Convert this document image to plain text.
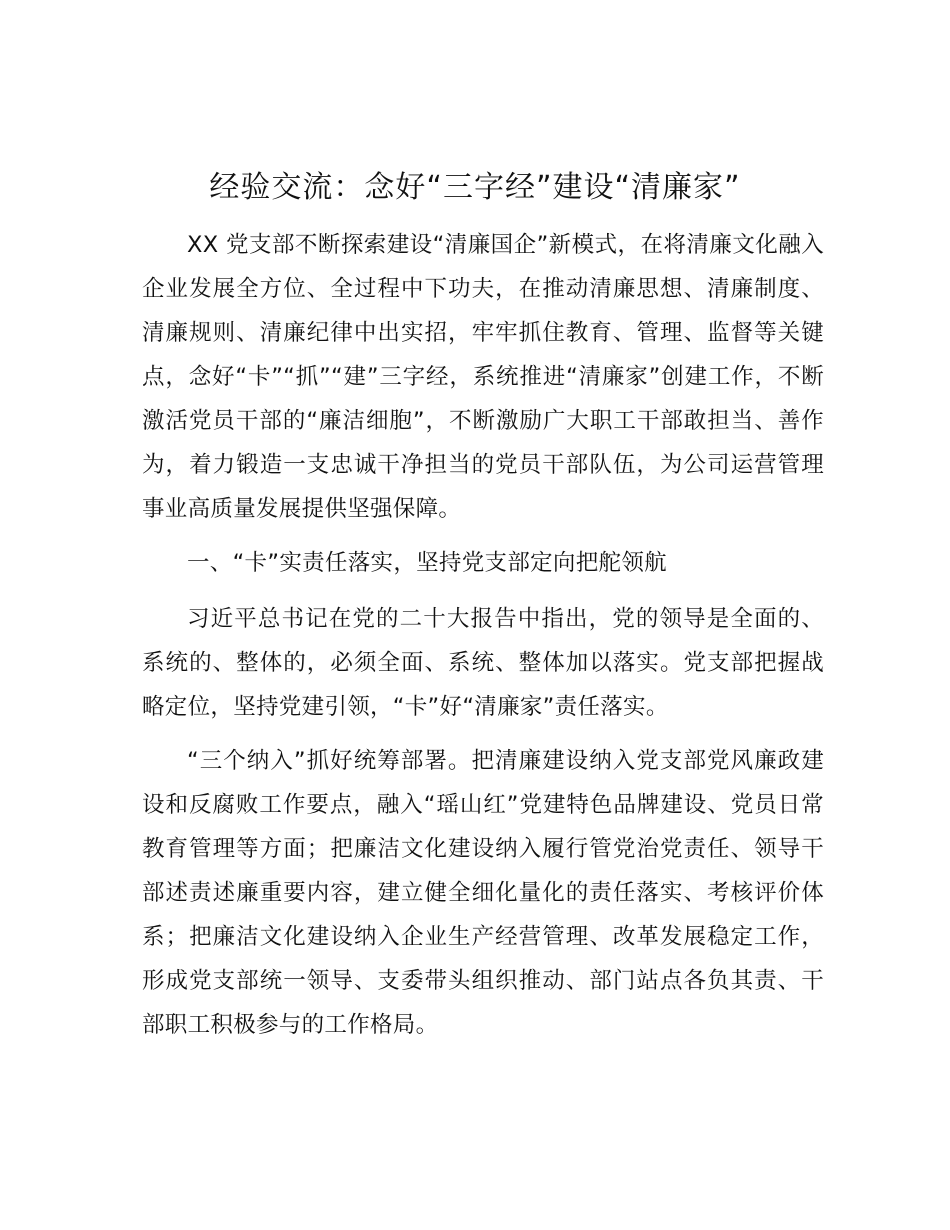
经验交流：念好“三字经”建设“清廉家”

XX 党支部不断探索建设“清廉国企”新模式，在将清廉文化融入企业发展全方位、全过程中下功夫，在推动清廉思想、清廉制度、清廉规则、清廉纪律中出实招，牢牢抓住教育、管理、监督等关键点，念好“卡”“抓”“建”三字经，系统推进“清廉家”创建工作，不断激活党员干部的“廉洁细胞”，不断激励广大职工干部敢担当、善作为，着力锻造一支忠诚干净担当的党员干部队伍，为公司运营管理事业高质量发展提供坚强保障。

一、“卡”实责任落实，坚持党支部定向把舵领航

习近平总书记在党的二十大报告中指出，党的领导是全面的、系统的、整体的，必须全面、系统、整体加以落实。党支部把握战略定位，坚持党建引领，“卡”好“清廉家”责任落实。

“三个纳入”抓好统筹部署。把清廉建设纳入党支部党风廉政建设和反腐败工作要点，融入“瑶山红”党建特色品牌建设、党员日常教育管理等方面；把廉洁文化建设纳入履行管党治党责任、领导干部述责述廉重要内容，建立健全细化量化的责任落实、考核评价体系；把廉洁文化建设纳入企业生产经营管理、改革发展稳定工作，形成党支部统一领导、支委带头组织推动、部门站点各负其责、干部职工积极参与的工作格局。
